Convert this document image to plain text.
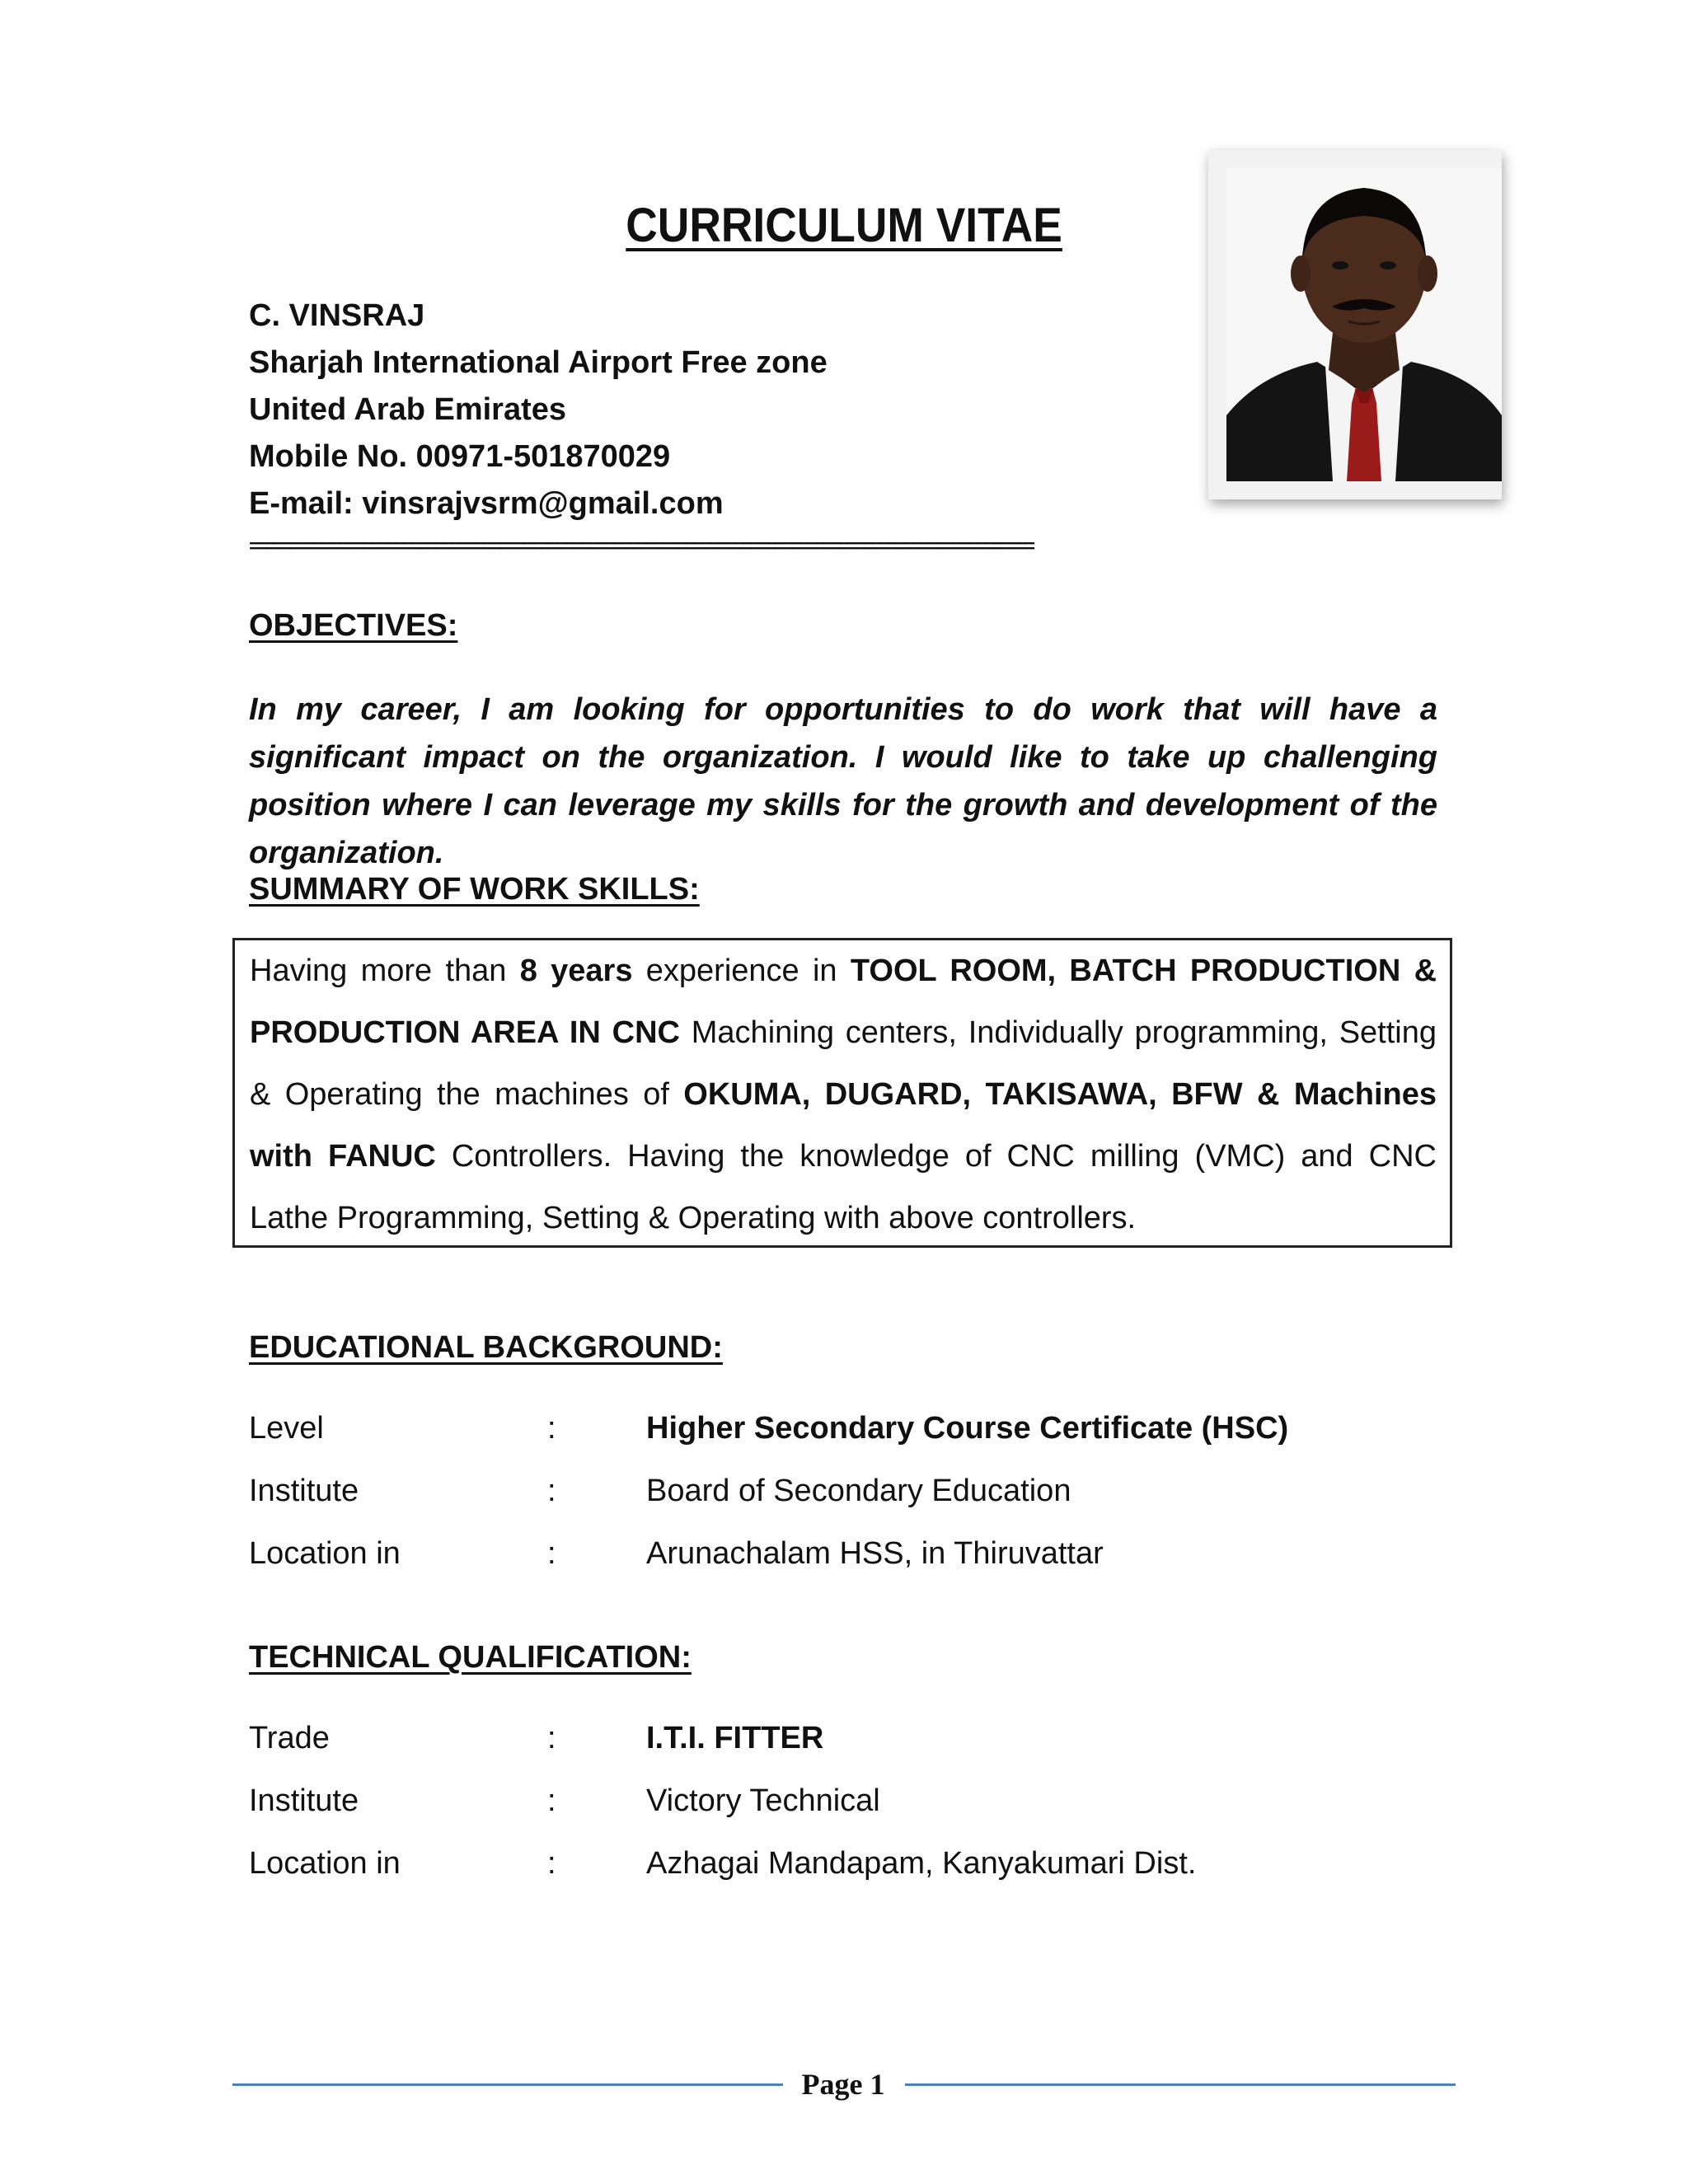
CURRICULUM VITAE
C. VINSRAJ
Sharjah International Airport Free zone
United Arab Emirates
Mobile No. 00971-501870029
E-mail: vinsrajvsrm@gmail.com
=================================================================================================
OBJECTIVES:
In my career, I am looking for opportunities to do work that will have a significant impact on the organization. I would like to take up challenging position where I can leverage my skills for the growth and development of the organization.
SUMMARY OF WORK SKILLS:
Having more than 8 years experience in TOOL ROOM, BATCH PRODUCTION & PRODUCTION AREA IN CNC Machining centers, Individually programming, Setting & Operating the machines of OKUMA, DUGARD, TAKISAWA, BFW & Machines with FANUC Controllers. Having the knowledge of CNC milling (VMC) and CNC Lathe Programming, Setting & Operating with above controllers.
EDUCATIONAL BACKGROUND:
Level	:	Higher Secondary Course Certificate (HSC)
Institute	:	Board of Secondary Education
Location in	:	Arunachalam HSS, in Thiruvattar
TECHNICAL QUALIFICATION:
Trade	:	I.T.I. FITTER
Institute	:	Victory Technical
Location in	:	Azhagai Mandapam, Kanyakumari Dist.
Page 1
